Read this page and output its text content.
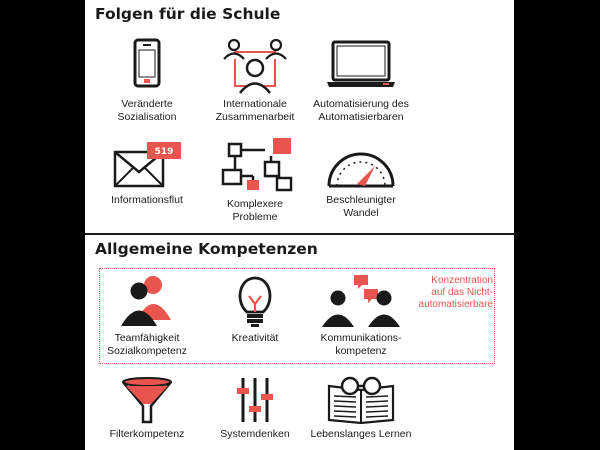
Folgen für die Schule
Veränderte
Sozialisation
Internationale
Zusammenarbeit
Automatisierung des
Automatisierbaren
519
Informationsflut	Komplexere
Probleme
Beschleunigter
Wandel
Allgemeine Kompetenzen
Konzentration
auf das Nicht-
automatisierbare
Teamfähigkeit
Sozialkompetenz
Kreativität	Kommunikations-
kompetenz
Filterkompetenz	Systemdenken	Lebenslanges Lernen
